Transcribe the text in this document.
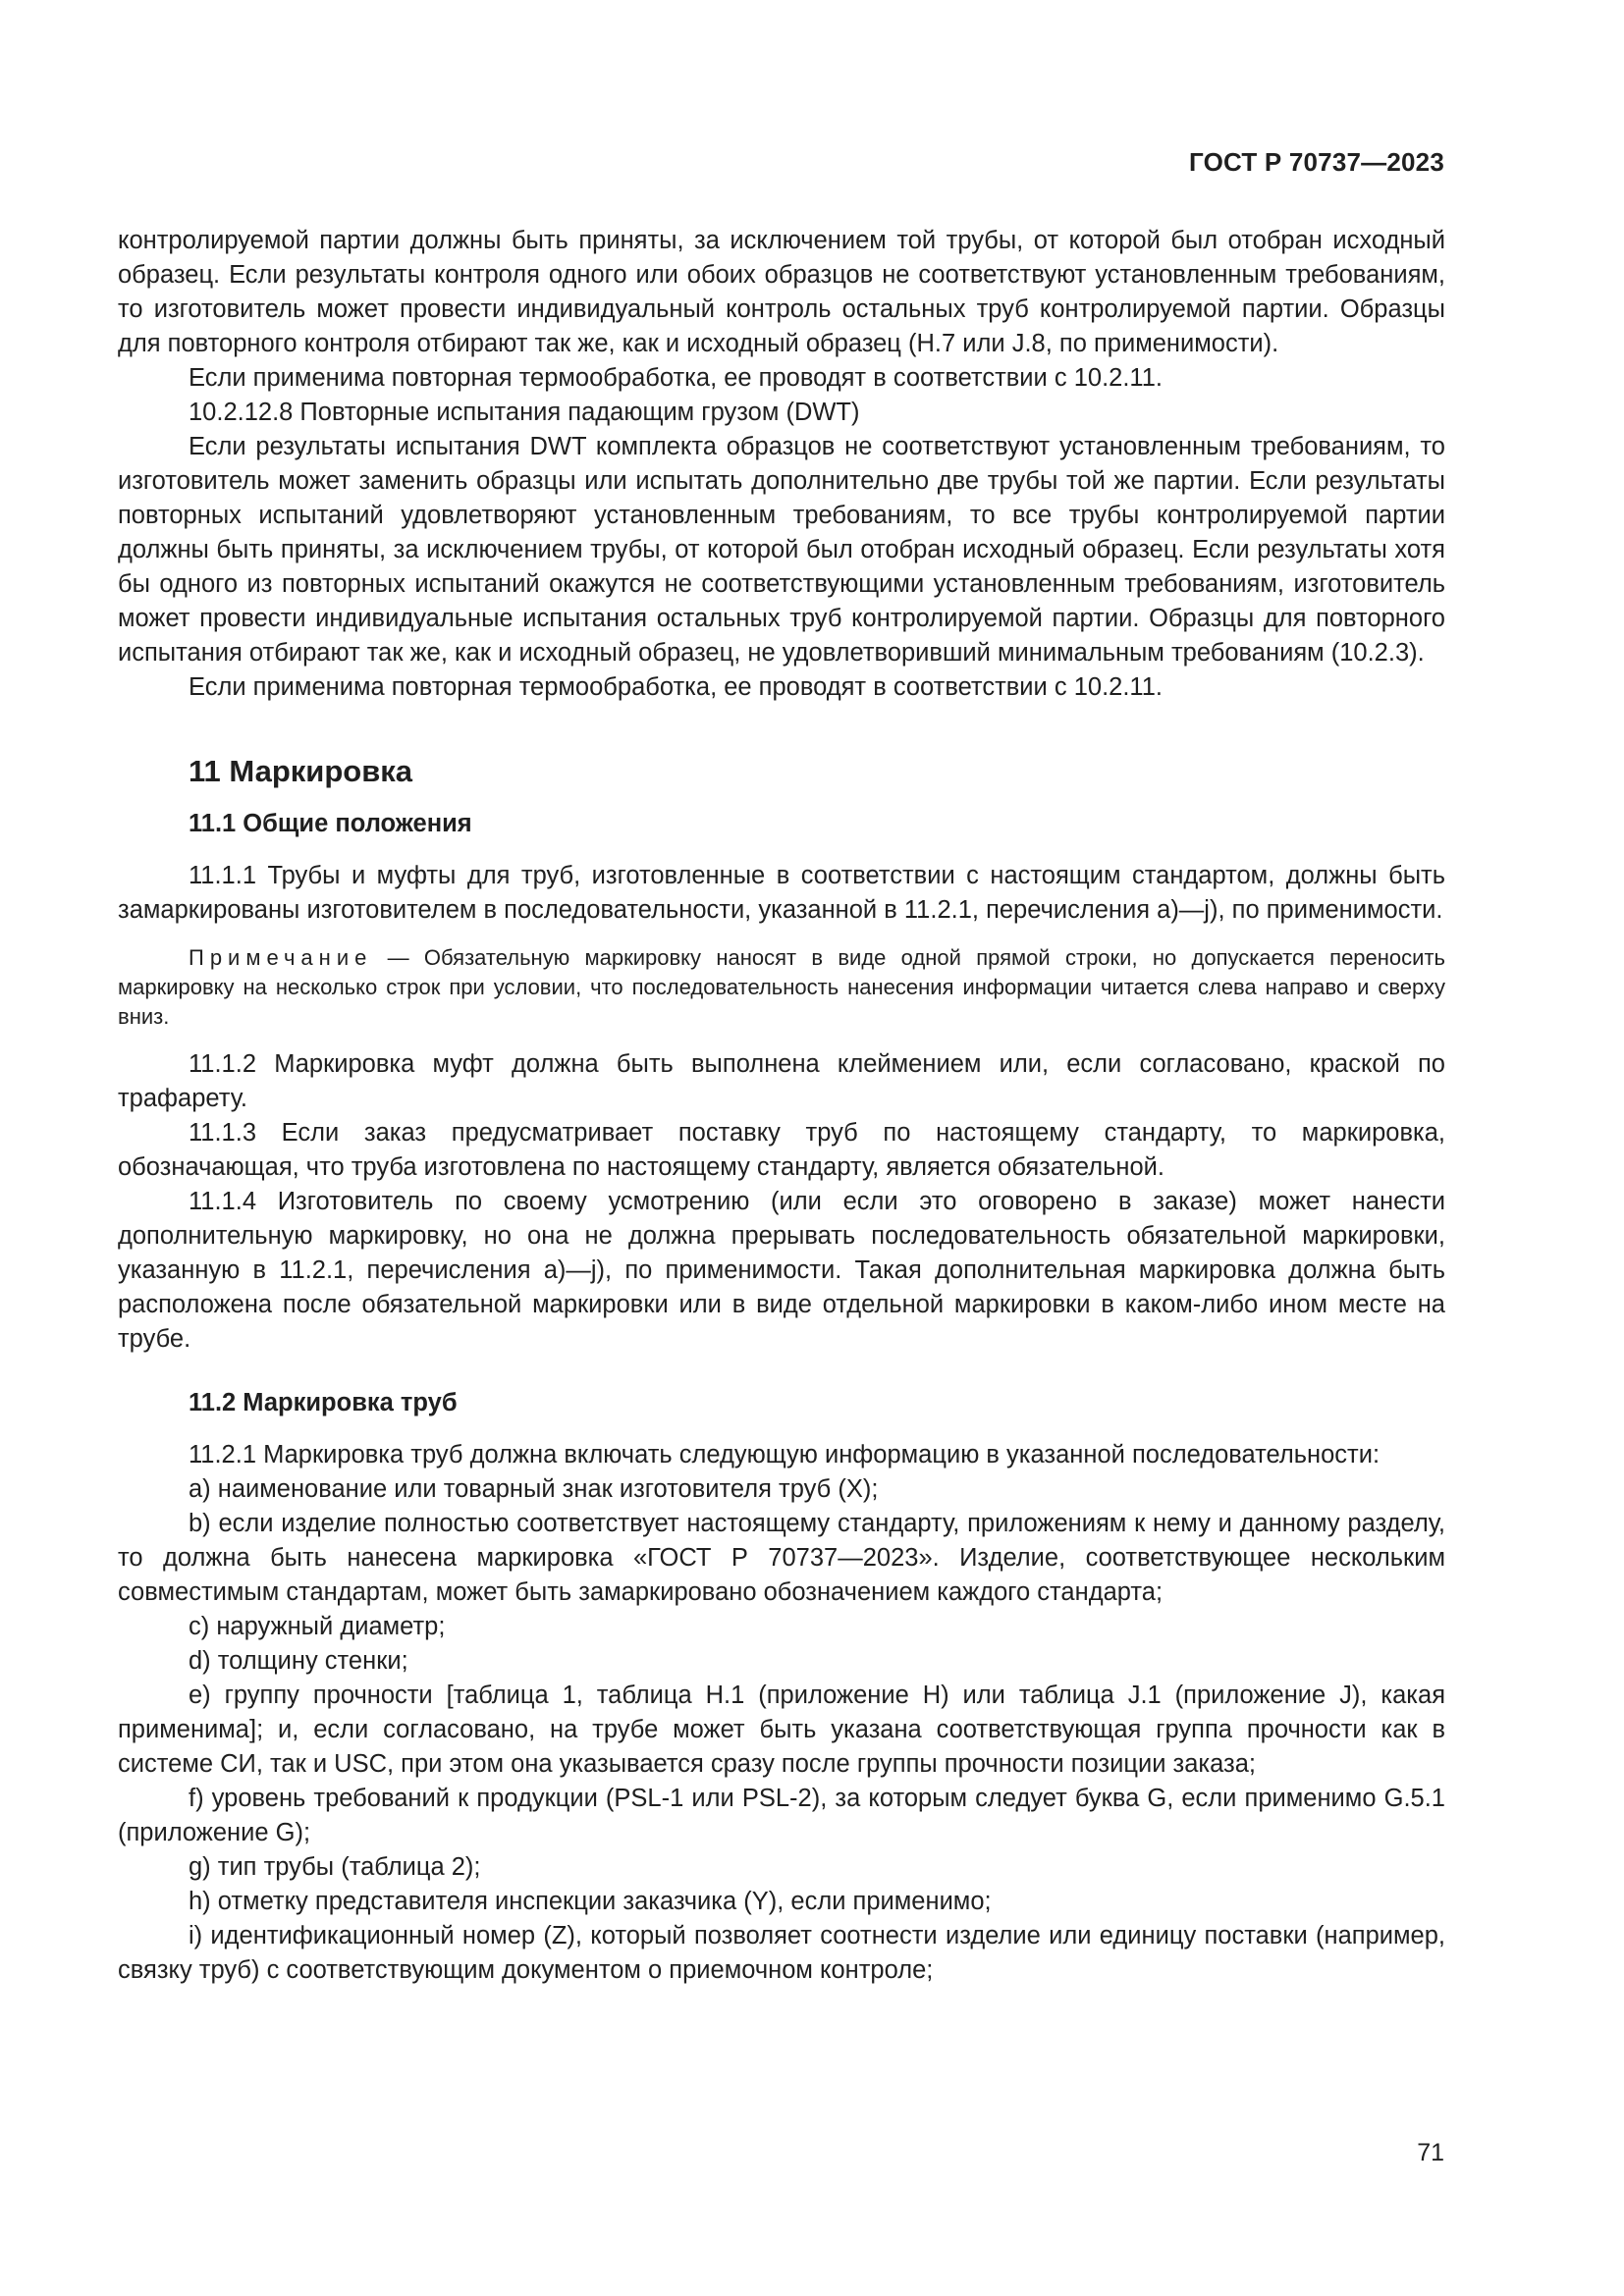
ГОСТ Р 70737—2023

контролируемой партии должны быть приняты, за исключением той трубы, от которой был отобран исходный образец. Если результаты контроля одного или обоих образцов не соответствуют установленным требованиям, то изготовитель может провести индивидуальный контроль остальных труб контролируемой партии. Образцы для повторного контроля отбирают так же, как и исходный образец (H.7 или J.8, по применимости).

Если применима повторная термообработка, ее проводят в соответствии с 10.2.11.

10.2.12.8 Повторные испытания падающим грузом (DWT)

Если результаты испытания DWT комплекта образцов не соответствуют установленным требованиям, то изготовитель может заменить образцы или испытать дополнительно две трубы той же партии. Если результаты повторных испытаний удовлетворяют установленным требованиям, то все трубы контролируемой партии должны быть приняты, за исключением трубы, от которой был отобран исходный образец. Если результаты хотя бы одного из повторных испытаний окажутся не соответствующими установленным требованиям, изготовитель может провести индивидуальные испытания остальных труб контролируемой партии. Образцы для повторного испытания отбирают так же, как и исходный образец, не удовлетворивший минимальным требованиям (10.2.3).

Если применима повторная термообработка, ее проводят в соответствии с 10.2.11.

11 Маркировка
11.1 Общие положения

11.1.1 Трубы и муфты для труб, изготовленные в соответствии с настоящим стандартом, должны быть замаркированы изготовителем в последовательности, указанной в 11.2.1, перечисления a)—j), по применимости.

Примечание — Обязательную маркировку наносят в виде одной прямой строки, но допускается переносить маркировку на несколько строк при условии, что последовательность нанесения информации читается слева направо и сверху вниз.

11.1.2 Маркировка муфт должна быть выполнена клеймением или, если согласовано, краской по трафарету.

11.1.3 Если заказ предусматривает поставку труб по настоящему стандарту, то маркировка, обозначающая, что труба изготовлена по настоящему стандарту, является обязательной.

11.1.4 Изготовитель по своему усмотрению (или если это оговорено в заказе) может нанести дополнительную маркировку, но она не должна прерывать последовательность обязательной маркировки, указанную в 11.2.1, перечисления a)—j), по применимости. Такая дополнительная маркировка должна быть расположена после обязательной маркировки или в виде отдельной маркировки в каком-либо ином месте на трубе.

11.2 Маркировка труб

11.2.1 Маркировка труб должна включать следующую информацию в указанной последовательности:

a) наименование или товарный знак изготовителя труб (X);

b) если изделие полностью соответствует настоящему стандарту, приложениям к нему и данному разделу, то должна быть нанесена маркировка «ГОСТ Р 70737—2023». Изделие, соответствующее нескольким совместимым стандартам, может быть замаркировано обозначением каждого стандарта;

c) наружный диаметр;

d) толщину стенки;

e) группу прочности [таблица 1, таблица H.1 (приложение H) или таблица J.1 (приложение J), какая применима]; и, если согласовано, на трубе может быть указана соответствующая группа прочности как в системе СИ, так и USC, при этом она указывается сразу после группы прочности позиции заказа;

f) уровень требований к продукции (PSL-1 или PSL-2), за которым следует буква G, если применимо G.5.1 (приложение G);

g) тип трубы (таблица 2);

h) отметку представителя инспекции заказчика (Y), если применимо;

i) идентификационный номер (Z), который позволяет соотнести изделие или единицу поставки (например, связку труб) с соответствующим документом о приемочном контроле;

71
